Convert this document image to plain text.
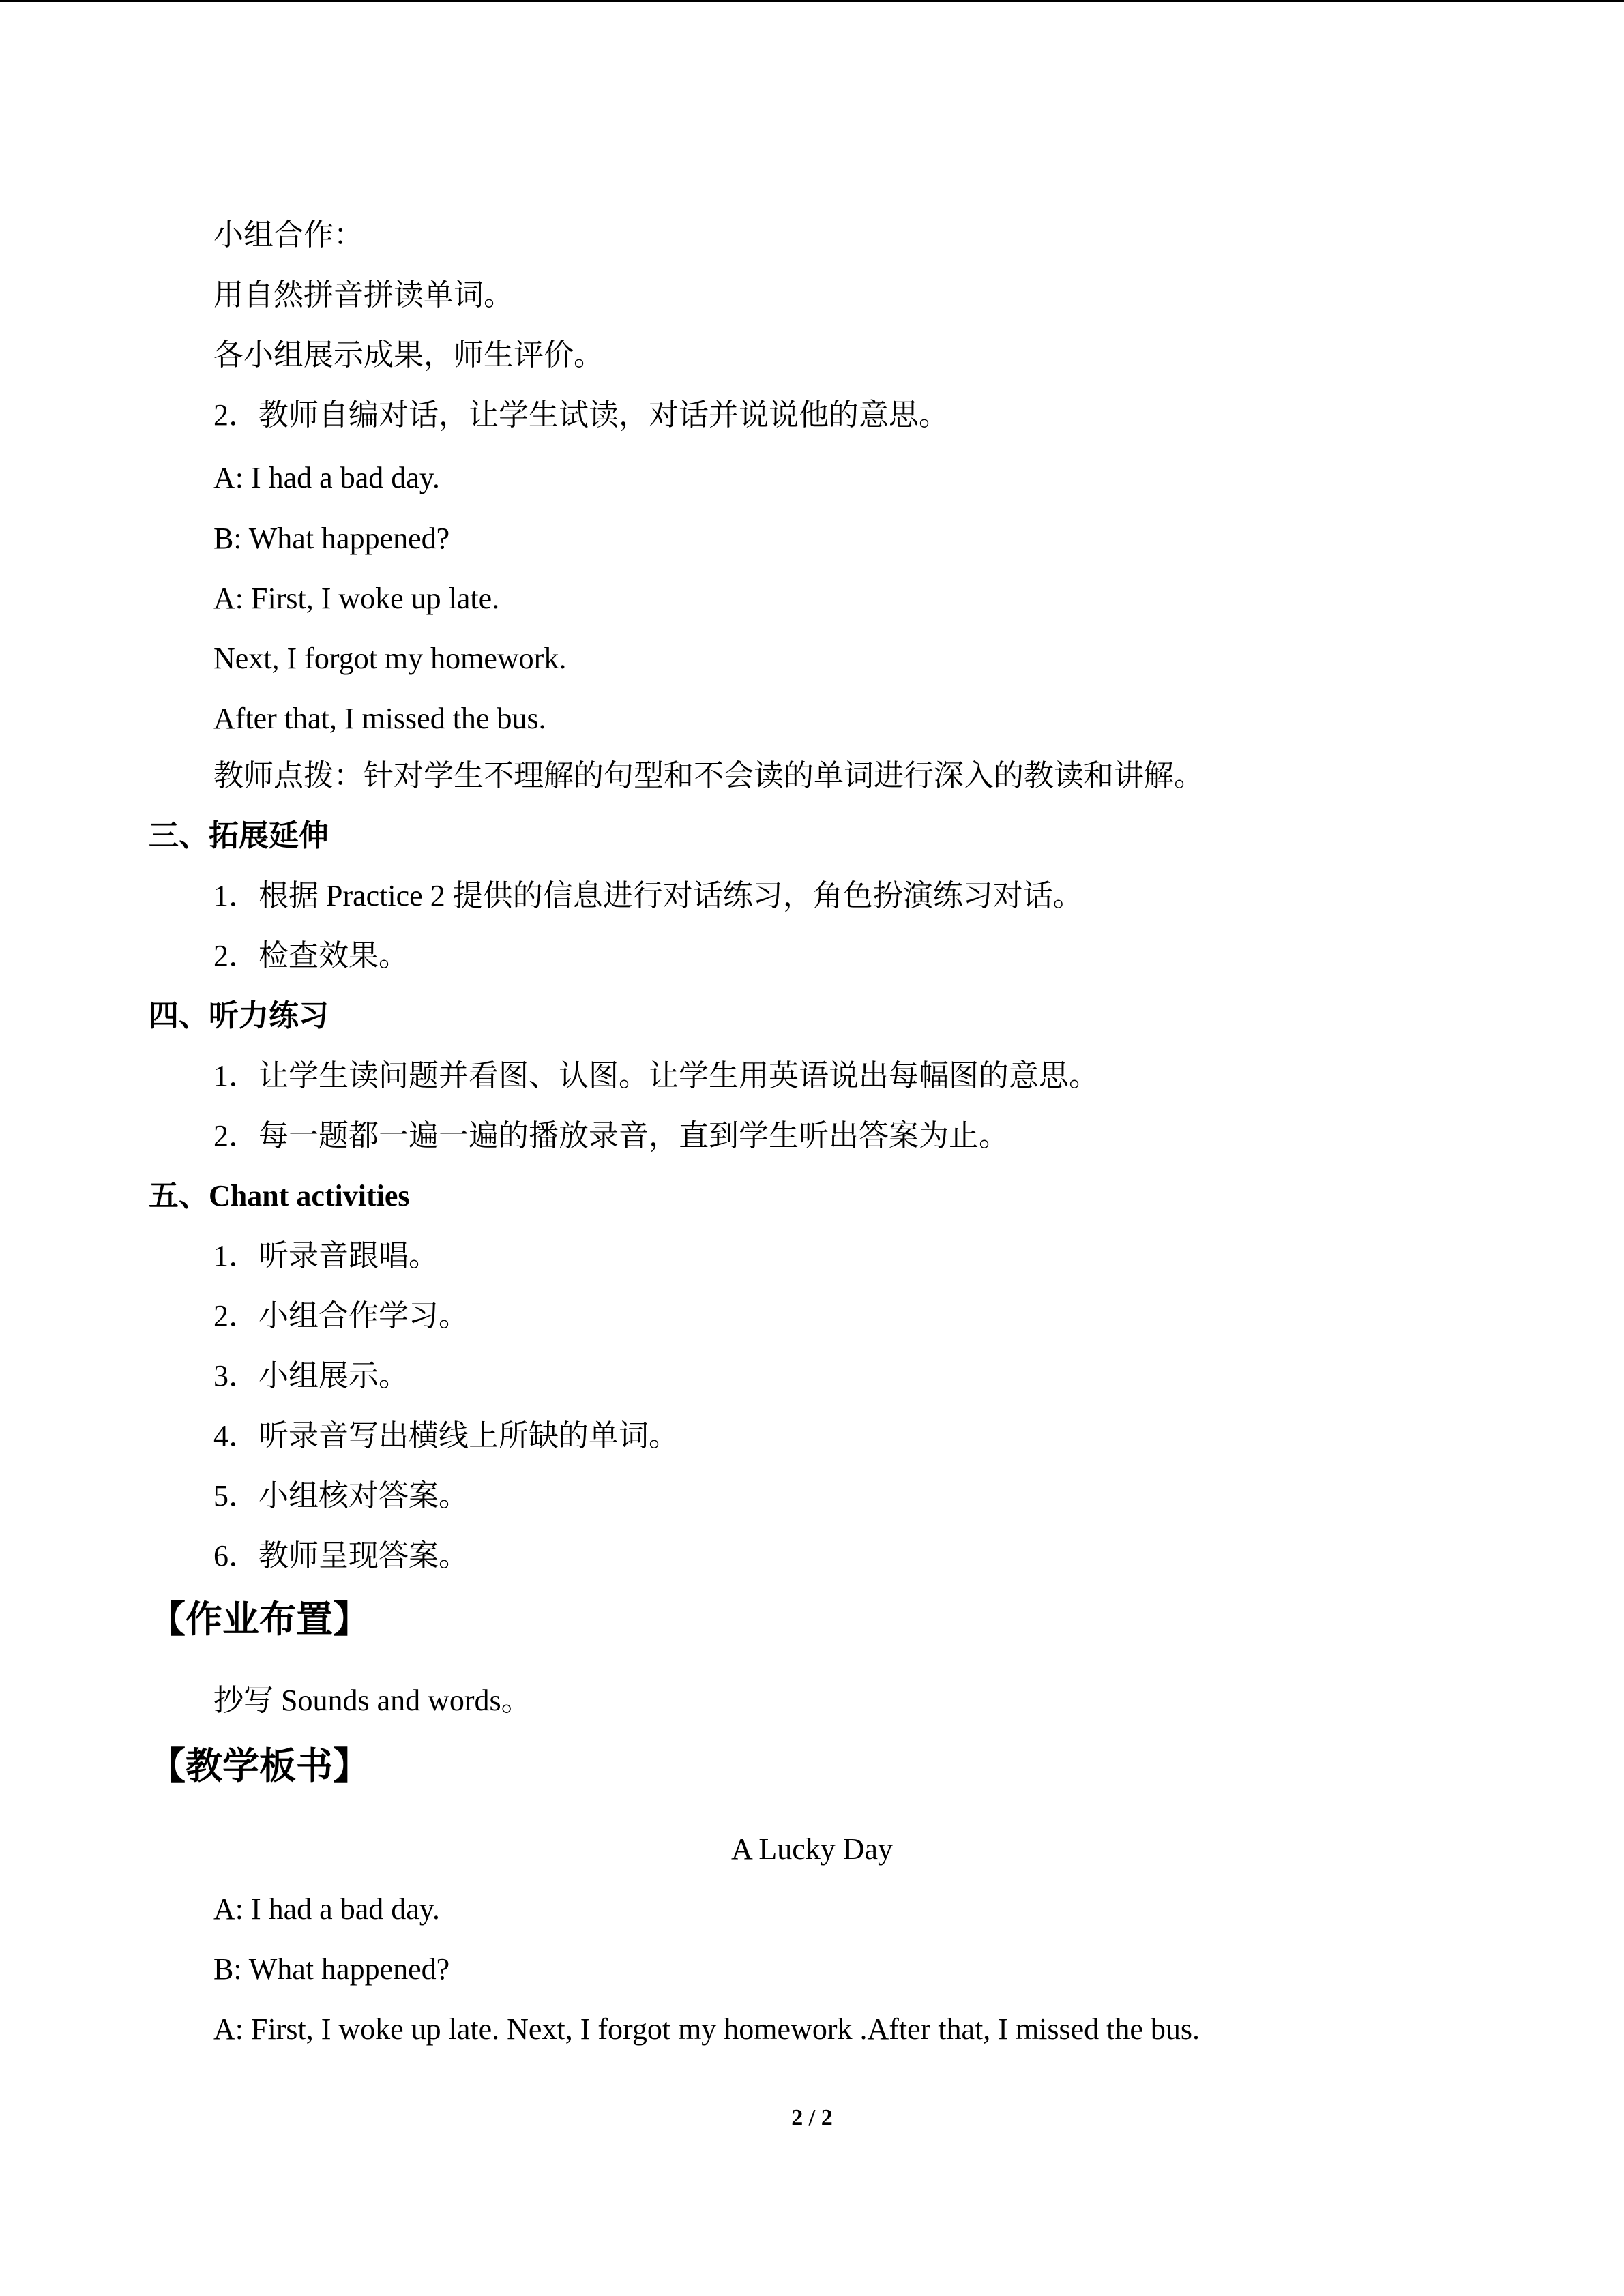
小组合作：
用自然拼音拼读单词。
各小组展示成果，师生评价。
2．教师自编对话，让学生试读，对话并说说他的意思。
A: I had a bad day.
B: What happened?
A: First, I woke up late.
Next, I forgot my homework.
After that, I missed the bus.
教师点拨：针对学生不理解的句型和不会读的单词进行深入的教读和讲解。
三、拓展延伸
1．根据 Practice 2 提供的信息进行对话练习，角色扮演练习对话。
2．检查效果。
四、听力练习
1．让学生读问题并看图、认图。让学生用英语说出每幅图的意思。
2．每一题都一遍一遍的播放录音，直到学生听出答案为止。
五、Chant activities
1．听录音跟唱。
2．小组合作学习。
3．小组展示。
4．听录音写出横线上所缺的单词。
5．小组核对答案。
6．教师呈现答案。
【作业布置】
抄写 Sounds and words。
【教学板书】
A Lucky Day
A: I had a bad day.
B: What happened?
A: First, I woke up late. Next, I forgot my homework .After that, I missed the bus.
2 / 2
